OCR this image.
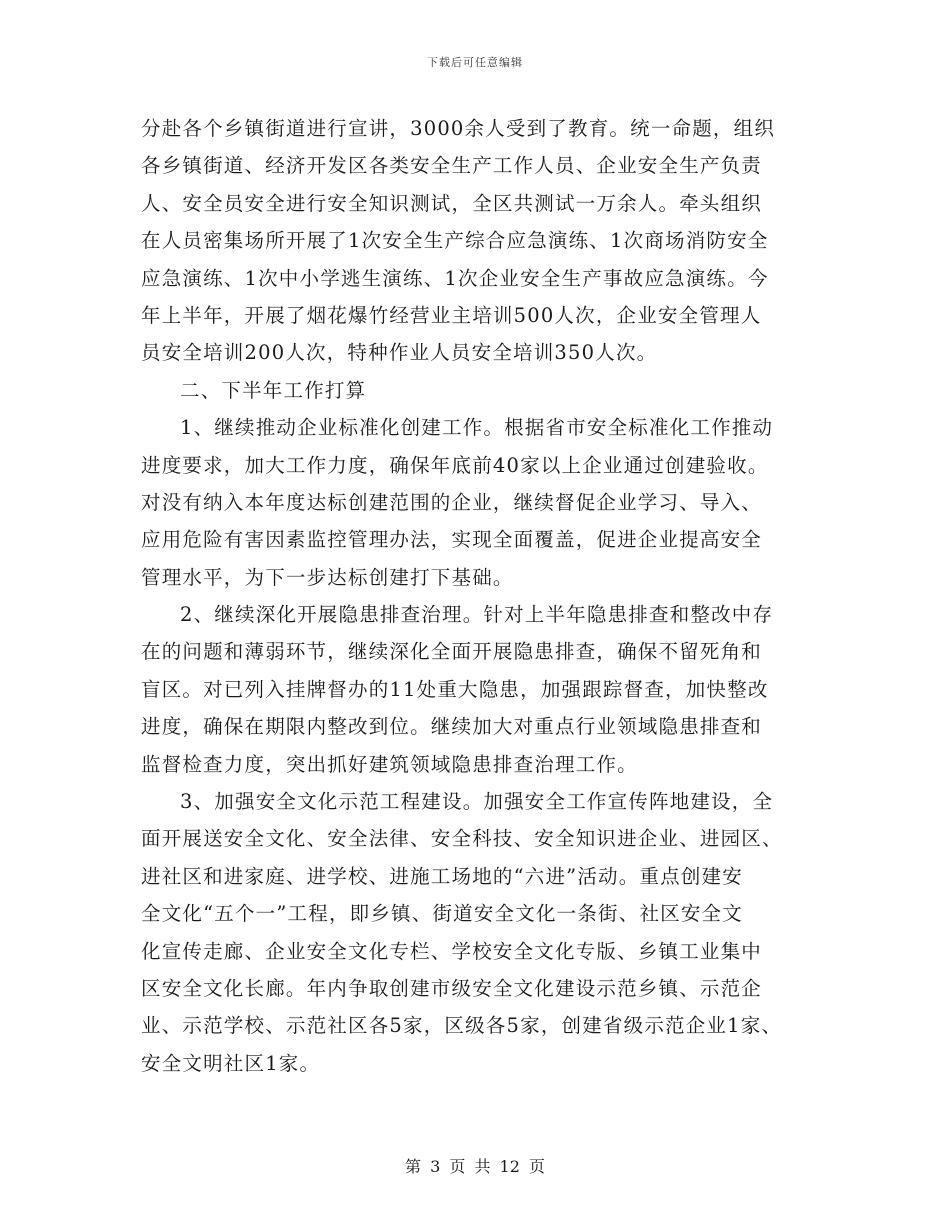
下载后可任意编辑
分赴各个乡镇街道进行宣讲，3000余人受到了教育。统一命题，组织
各乡镇街道、经济开发区各类安全生产工作人员、企业安全生产负责
人、安全员安全进行安全知识测试，全区共测试一万余人。牵头组织
在人员密集场所开展了1次安全生产综合应急演练、1次商场消防安全
应急演练、1次中小学逃生演练、1次企业安全生产事故应急演练。今
年上半年，开展了烟花爆竹经营业主培训500人次，企业安全管理人
员安全培训200人次，特种作业人员安全培训350人次。
二、下半年工作打算
1、继续推动企业标准化创建工作。根据省市安全标准化工作推动
进度要求，加大工作力度，确保年底前40家以上企业通过创建验收。
对没有纳入本年度达标创建范围的企业，继续督促企业学习、导入、
应用危险有害因素监控管理办法，实现全面覆盖，促进企业提高安全
管理水平，为下一步达标创建打下基础。
2、继续深化开展隐患排查治理。针对上半年隐患排查和整改中存
在的问题和薄弱环节，继续深化全面开展隐患排查，确保不留死角和
盲区。对已列入挂牌督办的11处重大隐患，加强跟踪督查，加快整改
进度，确保在期限内整改到位。继续加大对重点行业领域隐患排查和
监督检查力度，突出抓好建筑领域隐患排查治理工作。
3、加强安全文化示范工程建设。加强安全工作宣传阵地建设，全
面开展送安全文化、安全法律、安全科技、安全知识进企业、进园区、
进社区和进家庭、进学校、进施工场地的“六进”活动。重点创建安
全文化“五个一”工程，即乡镇、街道安全文化一条街、社区安全文
化宣传走廊、企业安全文化专栏、学校安全文化专版、乡镇工业集中
区安全文化长廊。年内争取创建市级安全文化建设示范乡镇、示范企
业、示范学校、示范社区各5家，区级各5家，创建省级示范企业1家、
安全文明社区1家。
第 3 页 共 12 页
